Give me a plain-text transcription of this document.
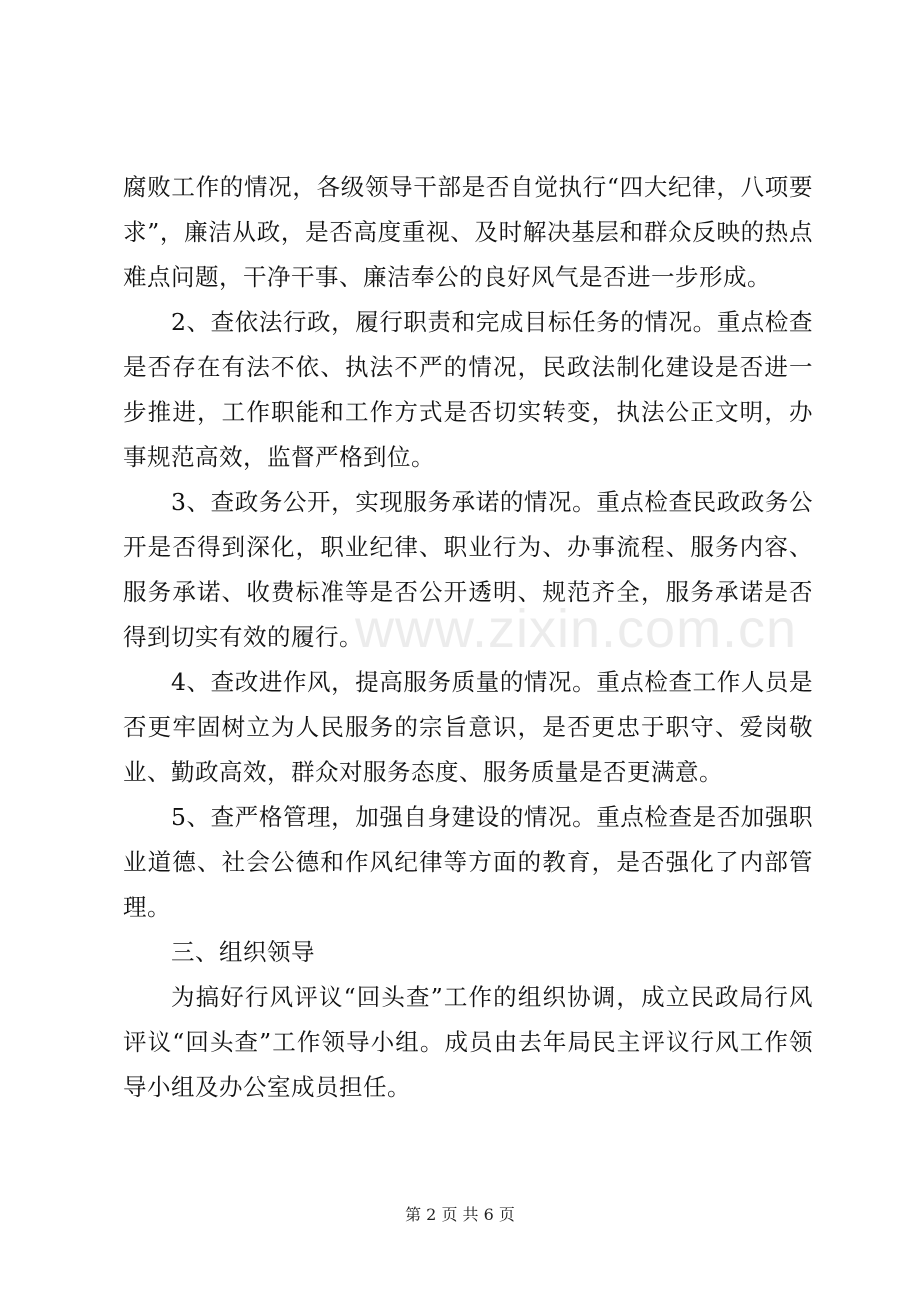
腐败工作的情况，各级领导干部是否自觉执行“四大纪律，八项要求”，廉洁从政，是否高度重视、及时解决基层和群众反映的热点难点问题，干净干事、廉洁奉公的良好风气是否进一步形成。

2、查依法行政，履行职责和完成目标任务的情况。重点检查是否存在有法不依、执法不严的情况，民政法制化建设是否进一步推进，工作职能和工作方式是否切实转变，执法公正文明，办事规范高效，监督严格到位。

3、查政务公开，实现服务承诺的情况。重点检查民政政务公开是否得到深化，职业纪律、职业行为、办事流程、服务内容、服务承诺、收费标准等是否公开透明、规范齐全，服务承诺是否得到切实有效的履行。

4、查改进作风，提高服务质量的情况。重点检查工作人员是否更牢固树立为人民服务的宗旨意识，是否更忠于职守、爱岗敬业、勤政高效，群众对服务态度、服务质量是否更满意。

5、查严格管理，加强自身建设的情况。重点检查是否加强职业道德、社会公德和作风纪律等方面的教育，是否强化了内部管理。

三、组织领导

为搞好行风评议“回头查”工作的组织协调，成立民政局行风评议“回头查”工作领导小组。成员由去年局民主评议行风工作领导小组及办公室成员担任。

www.zixin.com.cn
第 2 页 共 6 页
